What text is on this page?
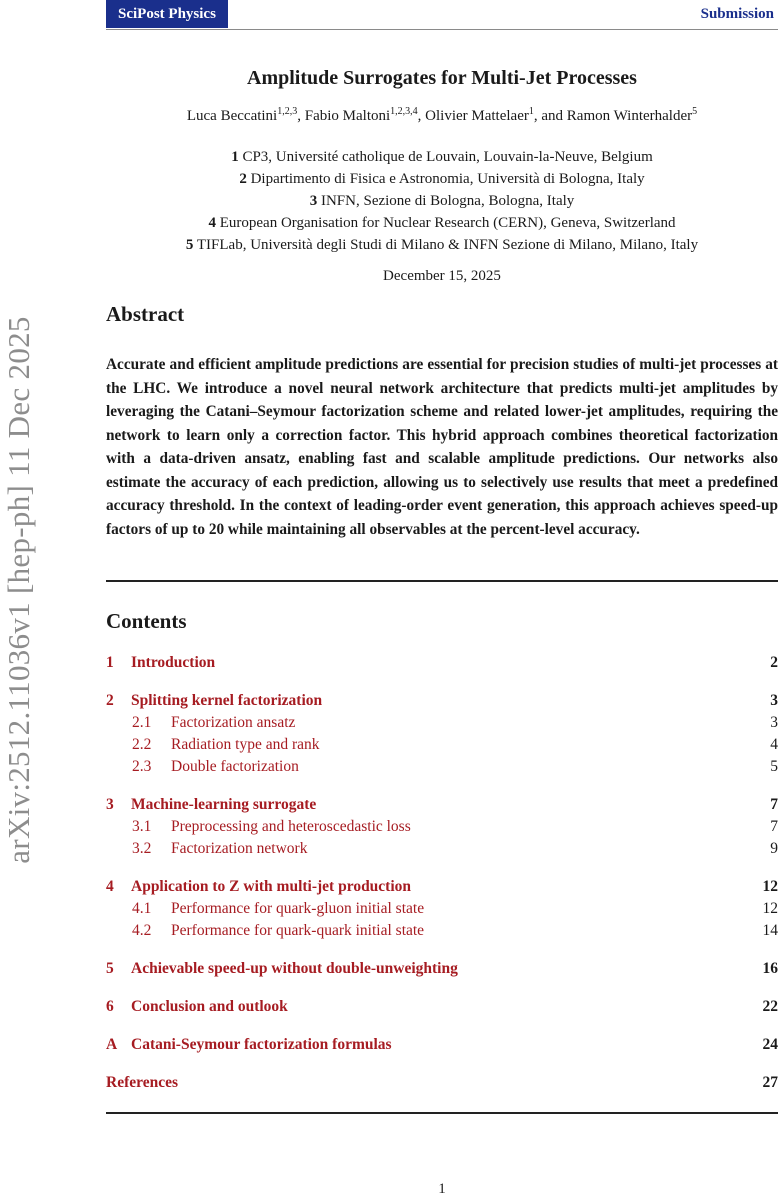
SciPost Physics	Submission
arXiv:2512.11036v1 [hep-ph] 11 Dec 2025
Amplitude Surrogates for Multi-Jet Processes
Luca Beccatini$^{1,2,3}$, Fabio Maltoni$^{1,2,3,4}$, Olivier Mattelaer$^1$, and Ramon Winterhalder$^5$
1 CP3, Université catholique de Louvain, Louvain-la-Neuve, Belgium
2 Dipartimento di Fisica e Astronomia, Università di Bologna, Italy
3 INFN, Sezione di Bologna, Bologna, Italy
4 European Organisation for Nuclear Research (CERN), Geneva, Switzerland
5 TIFLab, Università degli Studi di Milano & INFN Sezione di Milano, Milano, Italy
December 15, 2025
Abstract
Accurate and efficient amplitude predictions are essential for precision studies of multi-jet processes at the LHC. We introduce a novel neural network architecture that predicts multi-jet amplitudes by leveraging the Catani–Seymour factorization scheme and related lower-jet amplitudes, requiring the network to learn only a correction factor. This hybrid approach combines theoretical factorization with a data-driven ansatz, enabling fast and scalable amplitude predictions. Our networks also estimate the accuracy of each prediction, allowing us to selectively use results that meet a predefined accuracy threshold. In the context of leading-order event generation, this approach achieves speed-up factors of up to 20 while maintaining all observables at the percent-level accuracy.
Contents
1 Introduction	2
2 Splitting kernel factorization	3
2.1 Factorization ansatz	3
2.2 Radiation type and rank	4
2.3 Double factorization	5
3 Machine-learning surrogate	7
3.1 Preprocessing and heteroscedastic loss	7
3.2 Factorization network	9
4 Application to Z with multi-jet production	12
4.1 Performance for quark-gluon initial state	12
4.2 Performance for quark-quark initial state	14
5 Achievable speed-up without double-unweighting	16
6 Conclusion and outlook	22
A Catani-Seymour factorization formulas	24
References	27
1
